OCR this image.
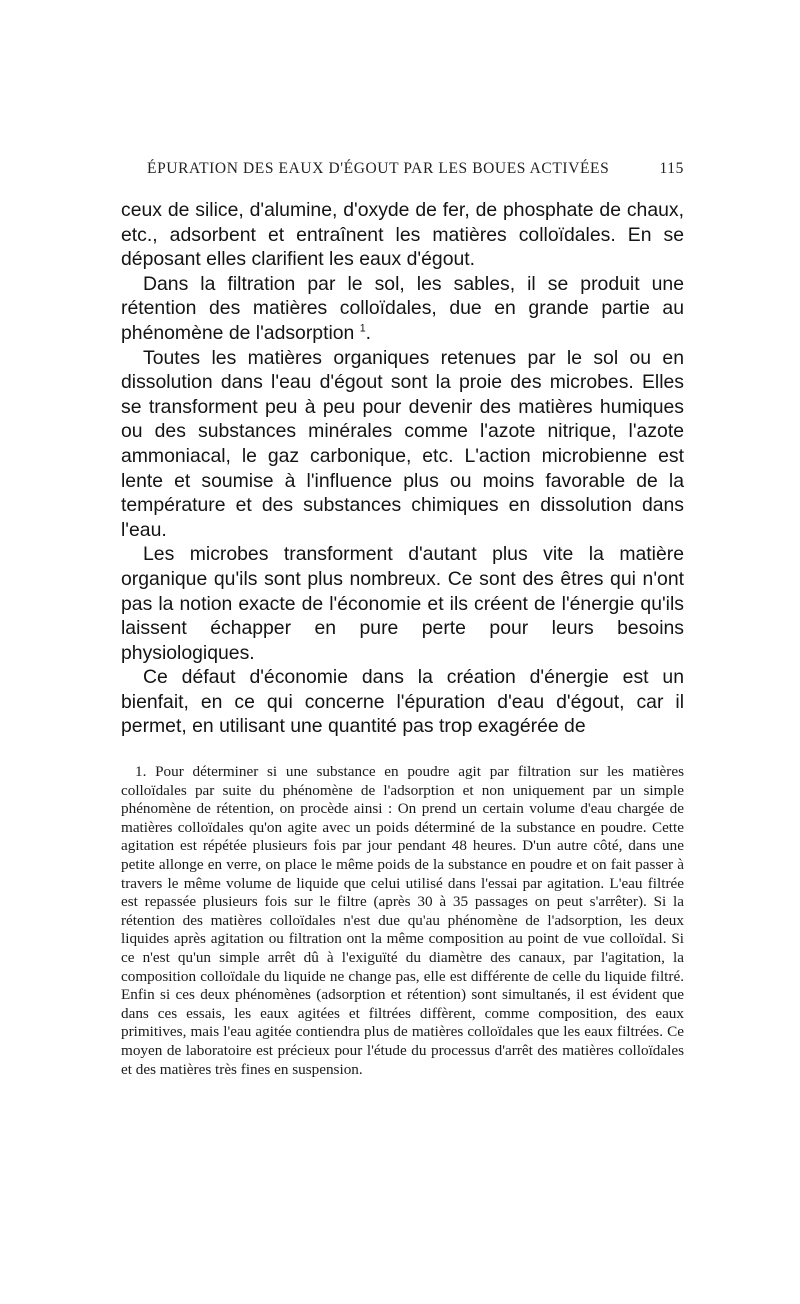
ÉPURATION DES EAUX D'ÉGOUT PAR LES BOUES ACTIVÉES	115

ceux de silice, d'alumine, d'oxyde de fer, de phosphate de chaux, etc., adsorbent et entraînent les matières colloïdales. En se déposant elles clarifient les eaux d'égout.

Dans la filtration par le sol, les sables, il se produit une rétention des matières colloïdales, due en grande partie au phénomène de l'adsorption $^1$.

Toutes les matières organiques retenues par le sol ou en dissolution dans l'eau d'égout sont la proie des microbes. Elles se transforment peu à peu pour devenir des matières humiques ou des substances minérales comme l'azote nitrique, l'azote ammoniacal, le gaz carbonique, etc. L'action microbienne est lente et soumise à l'influence plus ou moins favorable de la température et des substances chimiques en dissolution dans l'eau.

Les microbes transforment d'autant plus vite la matière organique qu'ils sont plus nombreux. Ce sont des êtres qui n'ont pas la notion exacte de l'économie et ils créent de l'énergie qu'ils laissent échapper en pure perte pour leurs besoins physiologiques.

Ce défaut d'économie dans la création d'énergie est un bienfait, en ce qui concerne l'épuration d'eau d'égout, car il permet, en utilisant une quantité pas trop exagérée de

1. Pour déterminer si une substance en poudre agit par filtration sur les matières colloïdales par suite du phénomène de l'adsorption et non uniquement par un simple phénomène de rétention, on procède ainsi : On prend un certain volume d'eau chargée de matières colloïdales qu'on agite avec un poids déterminé de la substance en poudre. Cette agitation est répétée plusieurs fois par jour pendant 48 heures. D'un autre côté, dans une petite allonge en verre, on place le même poids de la substance en poudre et on fait passer à travers le même volume de liquide que celui utilisé dans l'essai par agitation. L'eau filtrée est repassée plusieurs fois sur le filtre (après 30 à 35 passages on peut s'arrêter). Si la rétention des matières colloïdales n'est due qu'au phénomène de l'adsorption, les deux liquides après agitation ou filtration ont la même composition au point de vue colloïdal. Si ce n'est qu'un simple arrêt dû à l'exiguïté du diamètre des canaux, par l'agitation, la composition colloïdale du liquide ne change pas, elle est différente de celle du liquide filtré. Enfin si ces deux phénomènes (adsorption et rétention) sont simultanés, il est évident que dans ces essais, les eaux agitées et filtrées diffèrent, comme composition, des eaux primitives, mais l'eau agitée contiendra plus de matières colloïdales que les eaux filtrées. Ce moyen de laboratoire est précieux pour l'étude du processus d'arrêt des matières colloïdales et des matières très fines en suspension.
